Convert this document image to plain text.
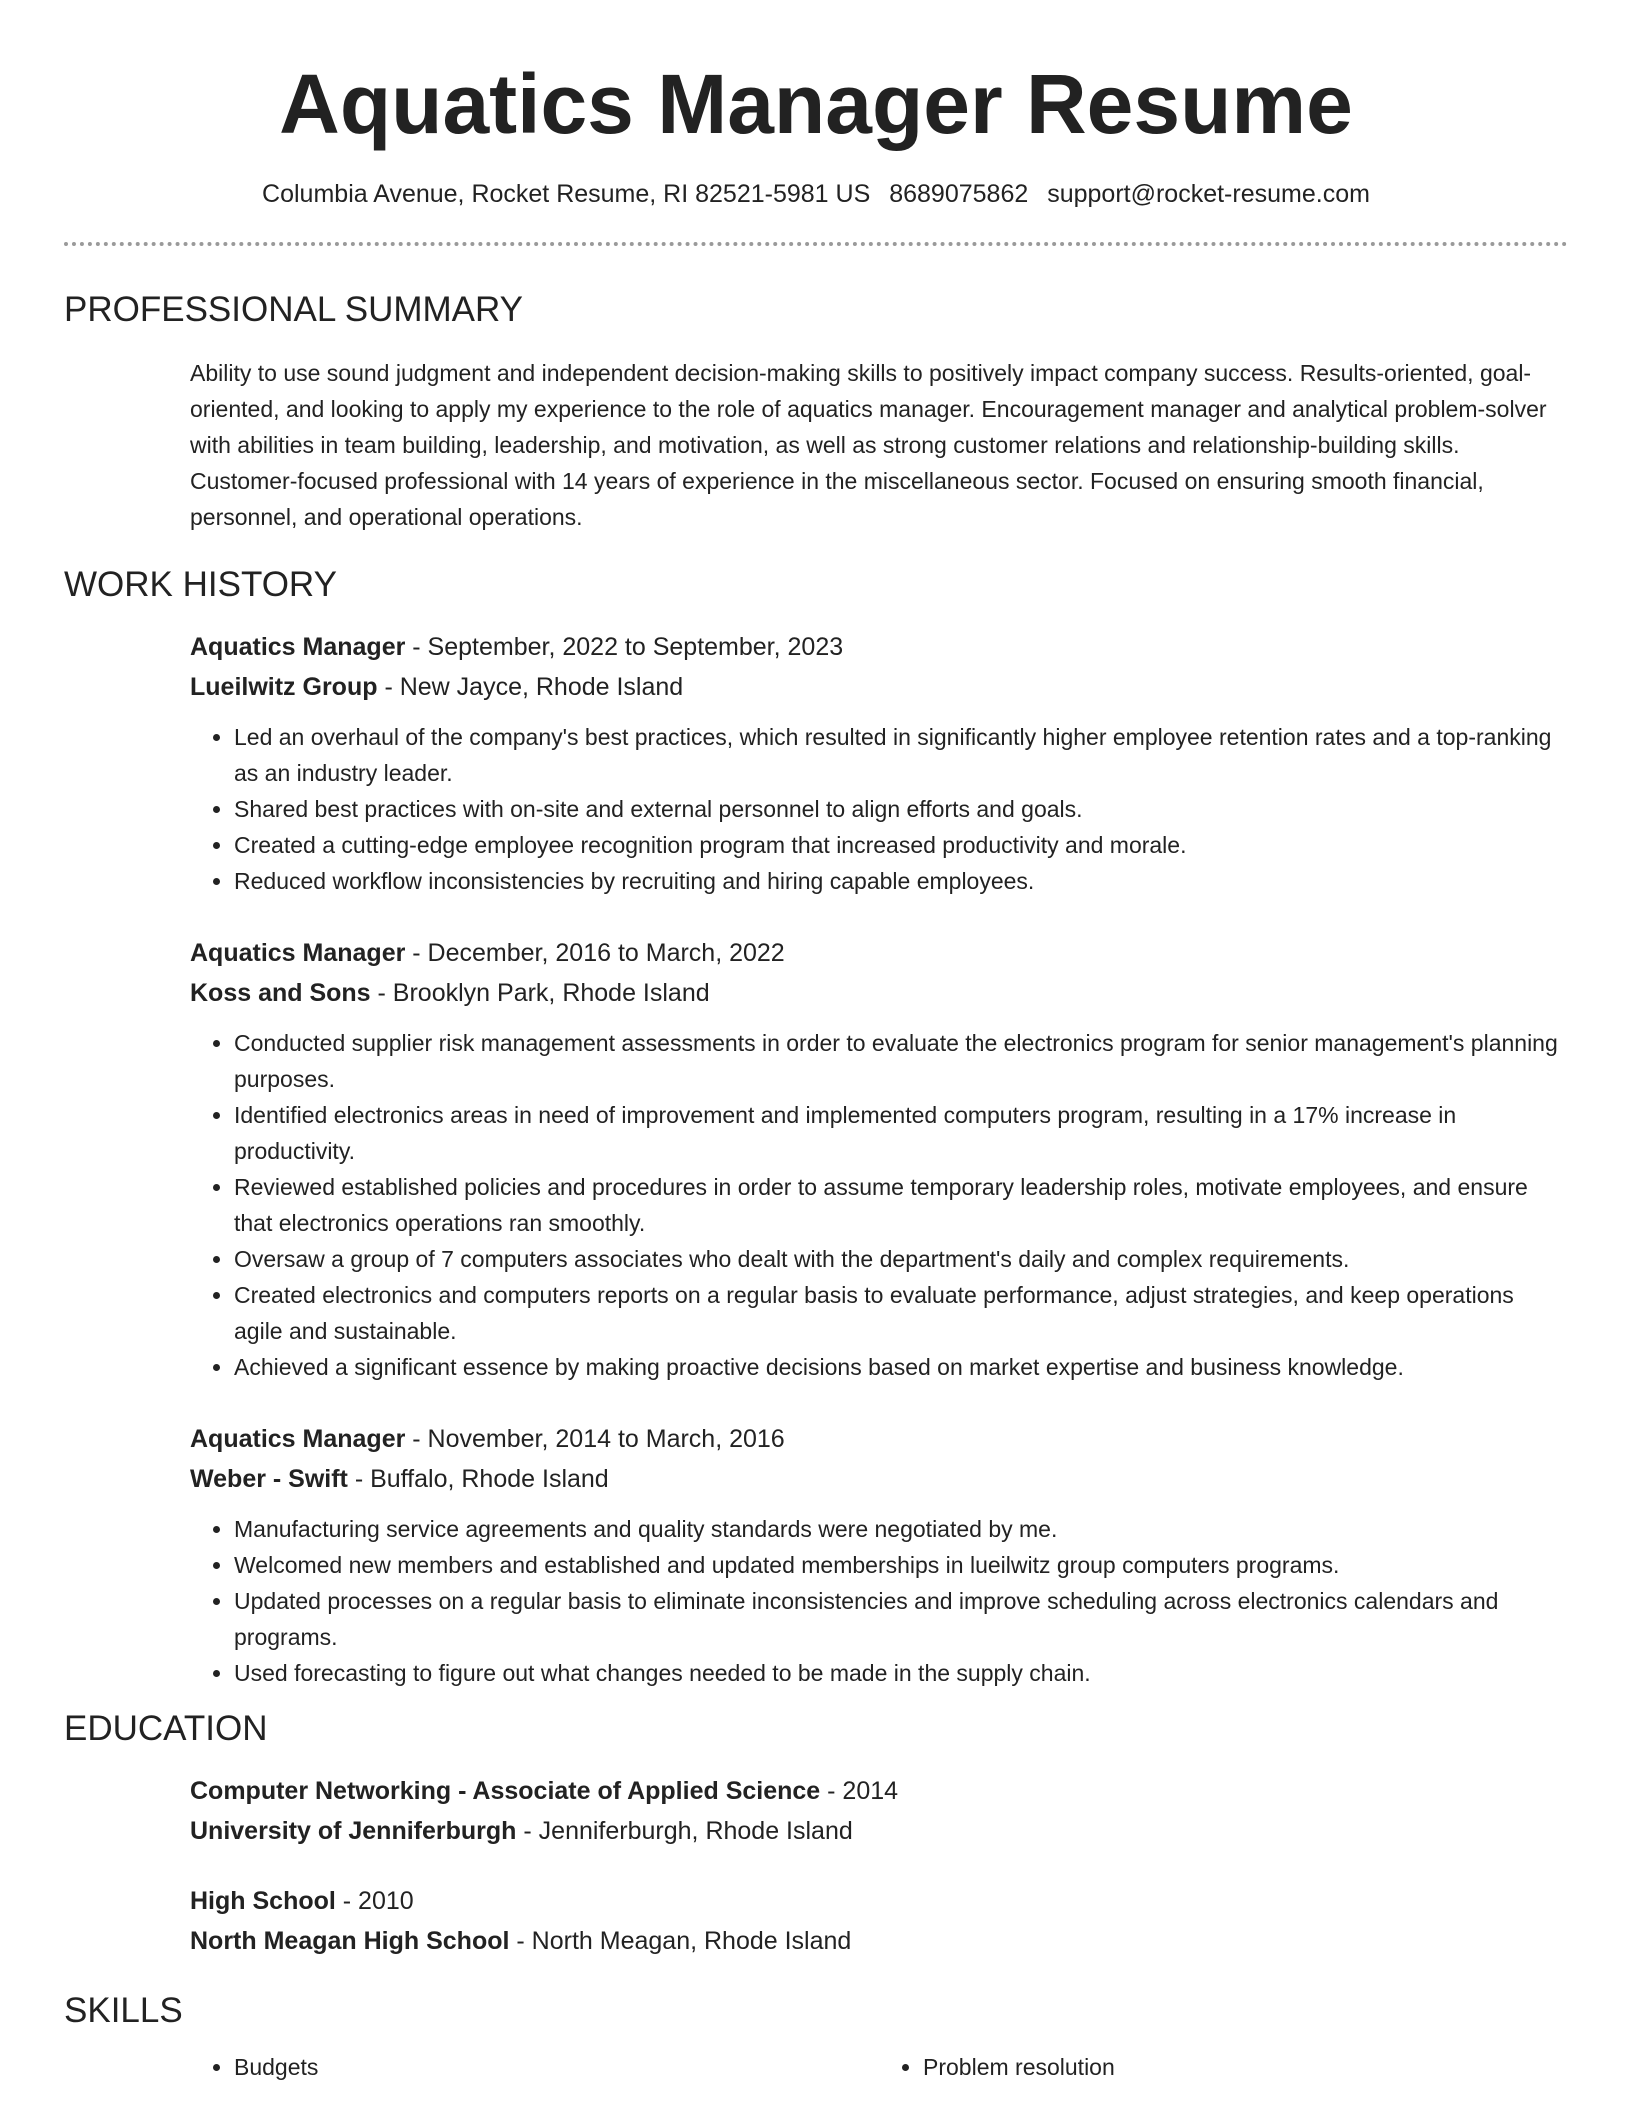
Aquatics Manager Resume
Columbia Avenue, Rocket Resume, RI 82521-5981 US 8689075862 support@rocket-resume.com
PROFESSIONAL SUMMARY

Ability to use sound judgment and independent decision-making skills to positively impact company success. Results-oriented, goal-oriented, and looking to apply my experience to the role of aquatics manager. Encouragement manager and analytical problem-solver with abilities in team building, leadership, and motivation, as well as strong customer relations and relationship-building skills. Customer-focused professional with 14 years of experience in the miscellaneous sector. Focused on ensuring smooth financial, personnel, and operational operations.

WORK HISTORY
Aquatics Manager - September, 2022 to September, 2023
Lueilwitz Group - New Jayce, Rhode Island
• Led an overhaul of the company's best practices, which resulted in significantly higher employee retention rates and a top-ranking as an industry leader.
• Shared best practices with on-site and external personnel to align efforts and goals.
• Created a cutting-edge employee recognition program that increased productivity and morale.
• Reduced workflow inconsistencies by recruiting and hiring capable employees.
Aquatics Manager - December, 2016 to March, 2022
Koss and Sons - Brooklyn Park, Rhode Island
• Conducted supplier risk management assessments in order to evaluate the electronics program for senior management's planning purposes.
• Identified electronics areas in need of improvement and implemented computers program, resulting in a 17% increase in productivity.
• Reviewed established policies and procedures in order to assume temporary leadership roles, motivate employees, and ensure that electronics operations ran smoothly.
• Oversaw a group of 7 computers associates who dealt with the department's daily and complex requirements.
• Created electronics and computers reports on a regular basis to evaluate performance, adjust strategies, and keep operations agile and sustainable.
• Achieved a significant essence by making proactive decisions based on market expertise and business knowledge.
Aquatics Manager - November, 2014 to March, 2016
Weber - Swift - Buffalo, Rhode Island
• Manufacturing service agreements and quality standards were negotiated by me.
• Welcomed new members and established and updated memberships in lueilwitz group computers programs.
• Updated processes on a regular basis to eliminate inconsistencies and improve scheduling across electronics calendars and programs.
• Used forecasting to figure out what changes needed to be made in the supply chain.
EDUCATION
Computer Networking - Associate of Applied Science - 2014
University of Jenniferburgh - Jenniferburgh, Rhode Island
High School - 2010
North Meagan High School - North Meagan, Rhode Island
SKILLS
• Budgets
•	Problem resolution
